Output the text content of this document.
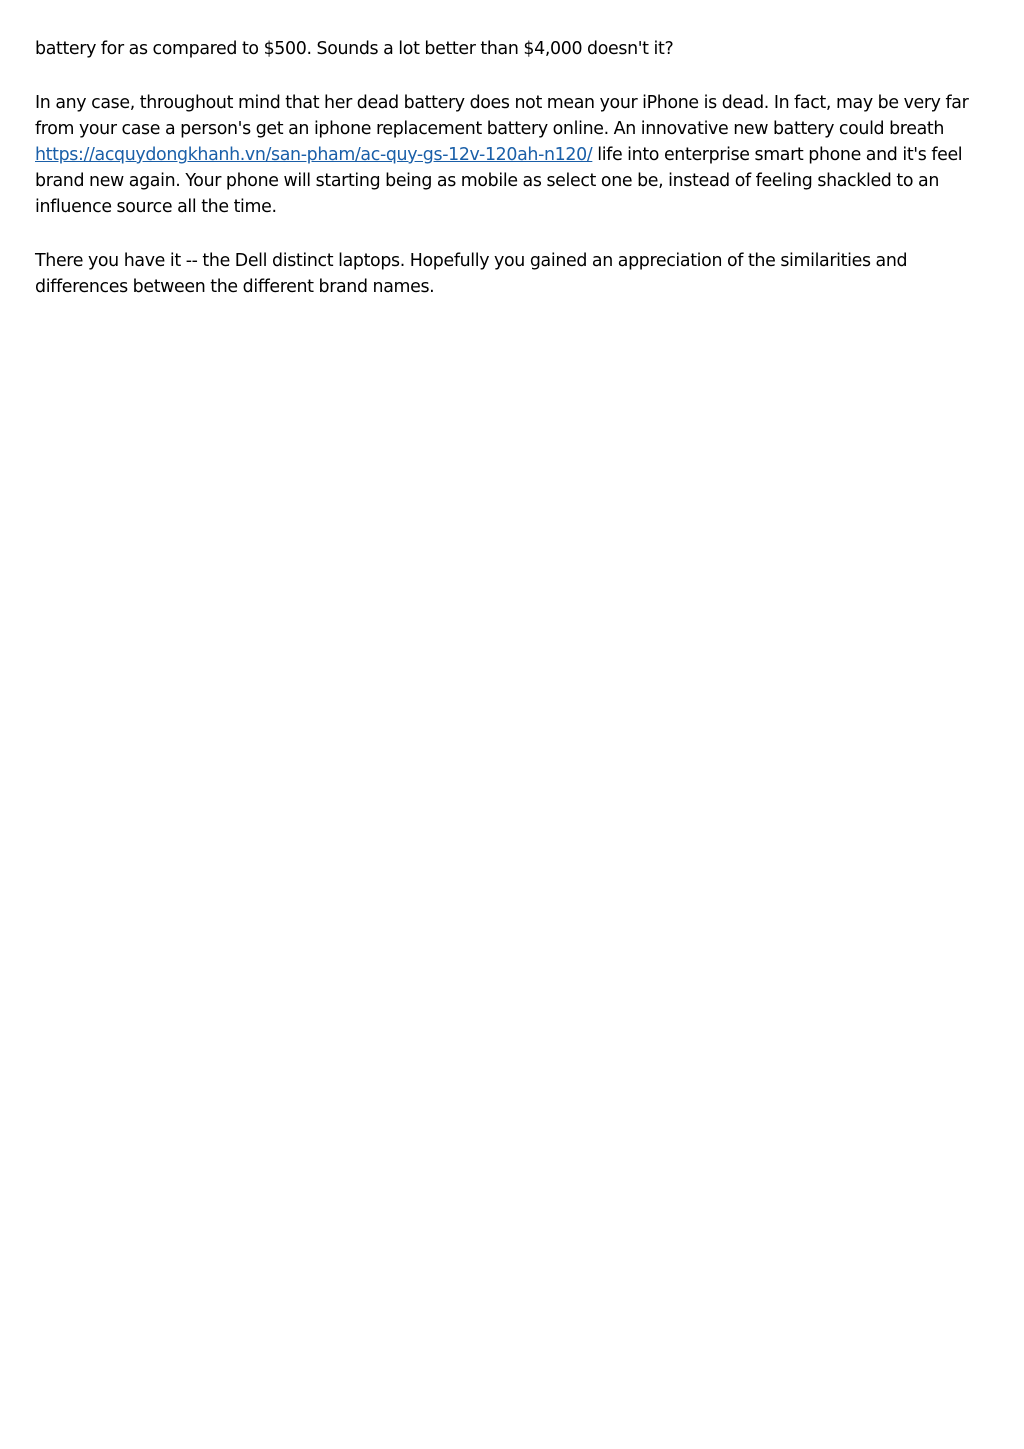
battery for as compared to $500. Sounds a lot better than $4,000 doesn't it?

In any case, throughout mind that her dead battery does not mean your iPhone is dead. In fact, may be very far
from your case a person's get an iphone replacement battery online. An innovative new battery could breath
https://acquydongkhanh.vn/san-pham/ac-quy-gs-12v-120ah-n120/ life into enterprise smart phone and it's feel
brand new again. Your phone will starting being as mobile as select one be, instead of feeling shackled to an
influence source all the time.

There you have it -- the Dell distinct laptops. Hopefully you gained an appreciation of the similarities and
differences between the different brand names.
